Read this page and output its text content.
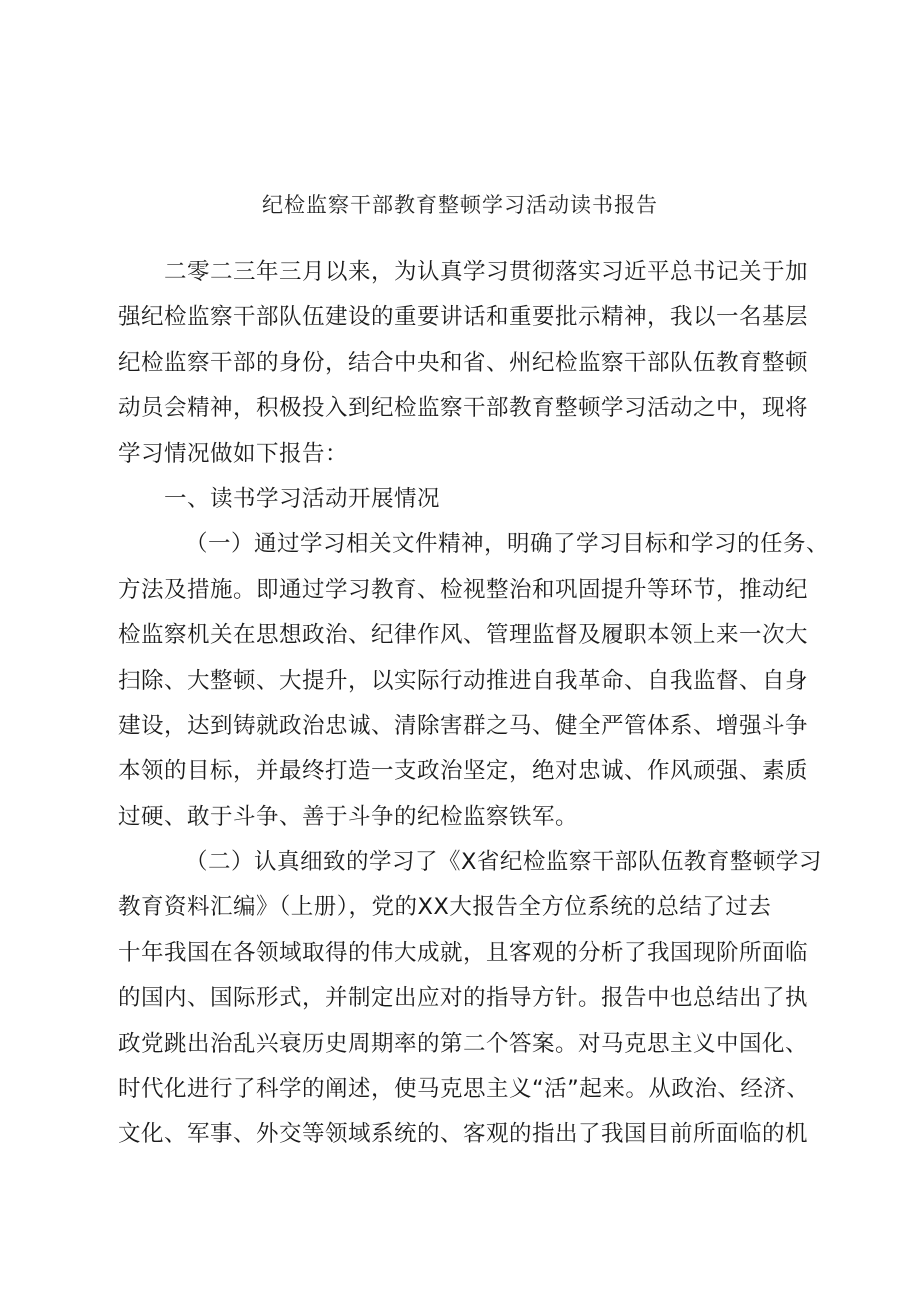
纪检监察干部教育整顿学习活动读书报告
二零二三年三月以来，为认真学习贯彻落实习近平总书记关于加
强纪检监察干部队伍建设的重要讲话和重要批示精神，我以一名基层
纪检监察干部的身份，结合中央和省、州纪检监察干部队伍教育整顿
动员会精神，积极投入到纪检监察干部教育整顿学习活动之中，现将
学习情况做如下报告：
一、读书学习活动开展情况
（一）通过学习相关文件精神，明确了学习目标和学习的任务、
方法及措施。即通过学习教育、检视整治和巩固提升等环节，推动纪
检监察机关在思想政治、纪律作风、管理监督及履职本领上来一次大
扫除、大整顿、大提升，以实际行动推进自我革命、自我监督、自身
建设，达到铸就政治忠诚、清除害群之马、健全严管体系、增强斗争
本领的目标，并最终打造一支政治坚定，绝对忠诚、作风顽强、素质
过硬、敢于斗争、善于斗争的纪检监察铁军。
（二）认真细致的学习了《X省纪检监察干部队伍教育整顿学习
教育资料汇编》（上册），党的XX大报告全方位系统的总结了过去
十年我国在各领域取得的伟大成就，且客观的分析了我国现阶所面临
的国内、国际形式，并制定出应对的指导方针。报告中也总结出了执
政党跳出治乱兴衰历史周期率的第二个答案。对马克思主义中国化、
时代化进行了科学的阐述，使马克思主义“活”起来。从政治、经济、
文化、军事、外交等领域系统的、客观的指出了我国目前所面临的机
